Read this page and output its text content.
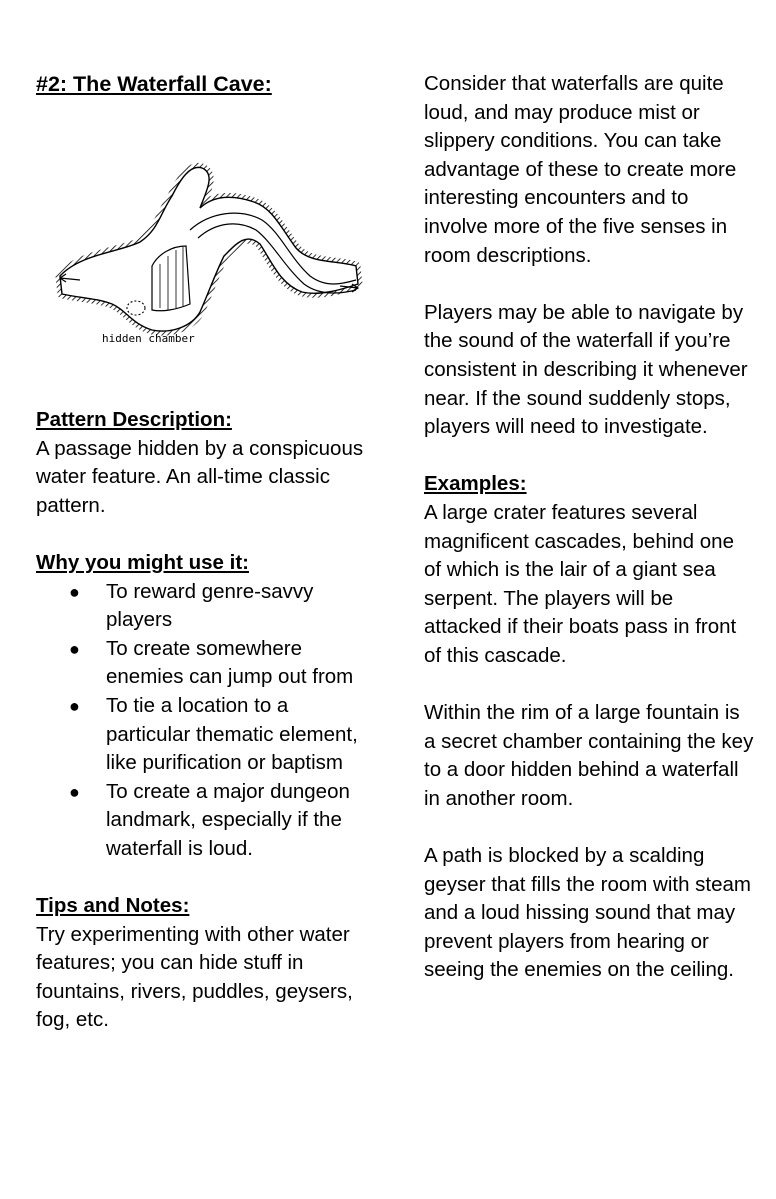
#2: The Waterfall Cave:
hidden chamber

Pattern Description:

A passage hidden by a conspicuous water feature. An all-time classic pattern.

Why you might use it:

● To reward genre-savvy players
● To create somewhere enemies can jump out from
● To tie a location to a particular thematic element, like purification or baptism
● To create a major dungeon landmark, especially if the waterfall is loud.

Tips and Notes:

Try experimenting with other water features; you can hide stuff in fountains, rivers, puddles, geysers, fog, etc.

Consider that waterfalls are quite loud, and may produce mist or slippery conditions. You can take advantage of these to create more interesting encounters and to involve more of the five senses in room descriptions.

Players may be able to navigate by the sound of the waterfall if you’re consistent in describing it whenever near. If the sound suddenly stops, players will need to investigate.

Examples:

A large crater features several magnificent cascades, behind one of which is the lair of a giant sea serpent. The players will be attacked if their boats pass in front of this cascade.

Within the rim of a large fountain is a secret chamber containing the key to a door hidden behind a waterfall in another room.

A path is blocked by a scalding geyser that fills the room with steam and a loud hissing sound that may prevent players from hearing or seeing the enemies on the ceiling.
